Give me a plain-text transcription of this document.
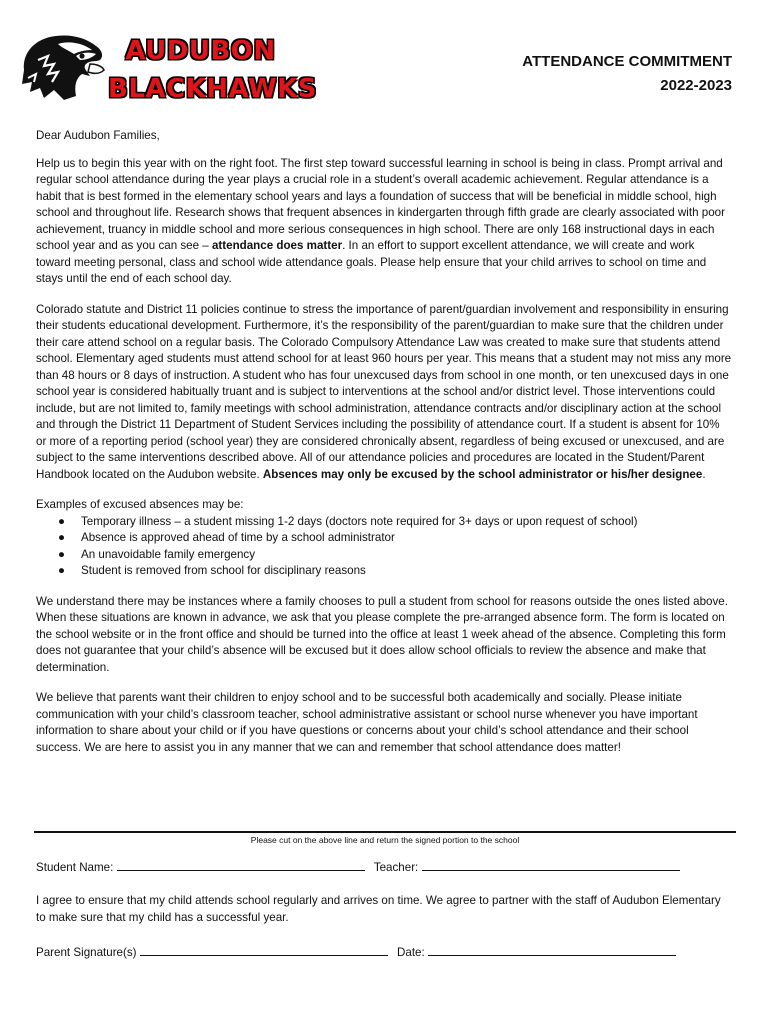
AUDUBON
BLACKHAWKS
ATTENDANCE COMMITMENT
2022-2023

Dear Audubon Families,

Help us to begin this year with on the right foot. The first step toward successful learning in school is being in class. Prompt arrival and regular school attendance during the year plays a crucial role in a student’s overall academic achievement. Regular attendance is a habit that is best formed in the elementary school years and lays a foundation of success that will be beneficial in middle school, high school and throughout life. Research shows that frequent absences in kindergarten through fifth grade are clearly associated with poor achievement, truancy in middle school and more serious consequences in high school. There are only 168 instructional days in each school year and as you can see – attendance does matter. In an effort to support excellent attendance, we will create and work toward meeting personal, class and school wide attendance goals. Please help ensure that your child arrives to school on time and stays until the end of each school day.

Colorado statute and District 11 policies continue to stress the importance of parent/guardian involvement and responsibility in ensuring their students educational development. Furthermore, it’s the responsibility of the parent/guardian to make sure that the children under their care attend school on a regular basis. The Colorado Compulsory Attendance Law was created to make sure that students attend school. Elementary aged students must attend school for at least 960 hours per year. This means that a student may not miss any more than 48 hours or 8 days of instruction. A student who has four unexcused days from school in one month, or ten unexcused days in one school year is considered habitually truant and is subject to interventions at the school and/or district level. Those interventions could include, but are not limited to, family meetings with school administration, attendance contracts and/or disciplinary action at the school and through the District 11 Department of Student Services including the possibility of attendance court. If a student is absent for 10% or more of a reporting period (school year) they are considered chronically absent, regardless of being excused or unexcused, and are subject to the same interventions described above. All of our attendance policies and procedures are located in the Student/Parent Handbook located on the Audubon website. Absences may only be excused by the school administrator or his/her designee.

Examples of excused absences may be:
● Temporary illness – a student missing 1-2 days (doctors note required for 3+ days or upon request of school)
● Absence is approved ahead of time by a school administrator
● An unavoidable family emergency
● Student is removed from school for disciplinary reasons

We understand there may be instances where a family chooses to pull a student from school for reasons outside the ones listed above. When these situations are known in advance, we ask that you please complete the pre-arranged absence form. The form is located on the school website or in the front office and should be turned into the office at least 1 week ahead of the absence. Completing this form does not guarantee that your child’s absence will be excused but it does allow school officials to review the absence and make that determination.

We believe that parents want their children to enjoy school and to be successful both academically and socially. Please initiate communication with your child’s classroom teacher, school administrative assistant or school nurse whenever you have important information to share about your child or if you have questions or concerns about your child’s school attendance and their school success. We are here to assist you in any manner that we can and remember that school attendance does matter!

Please cut on the above line and return the signed portion to the school
Student Name:	Teacher:
I agree to ensure that my child attends school regularly and arrives on time. We agree to partner with the staff of Audubon Elementary to make sure that my child has a successful year.
Parent Signature(s)	Date:
